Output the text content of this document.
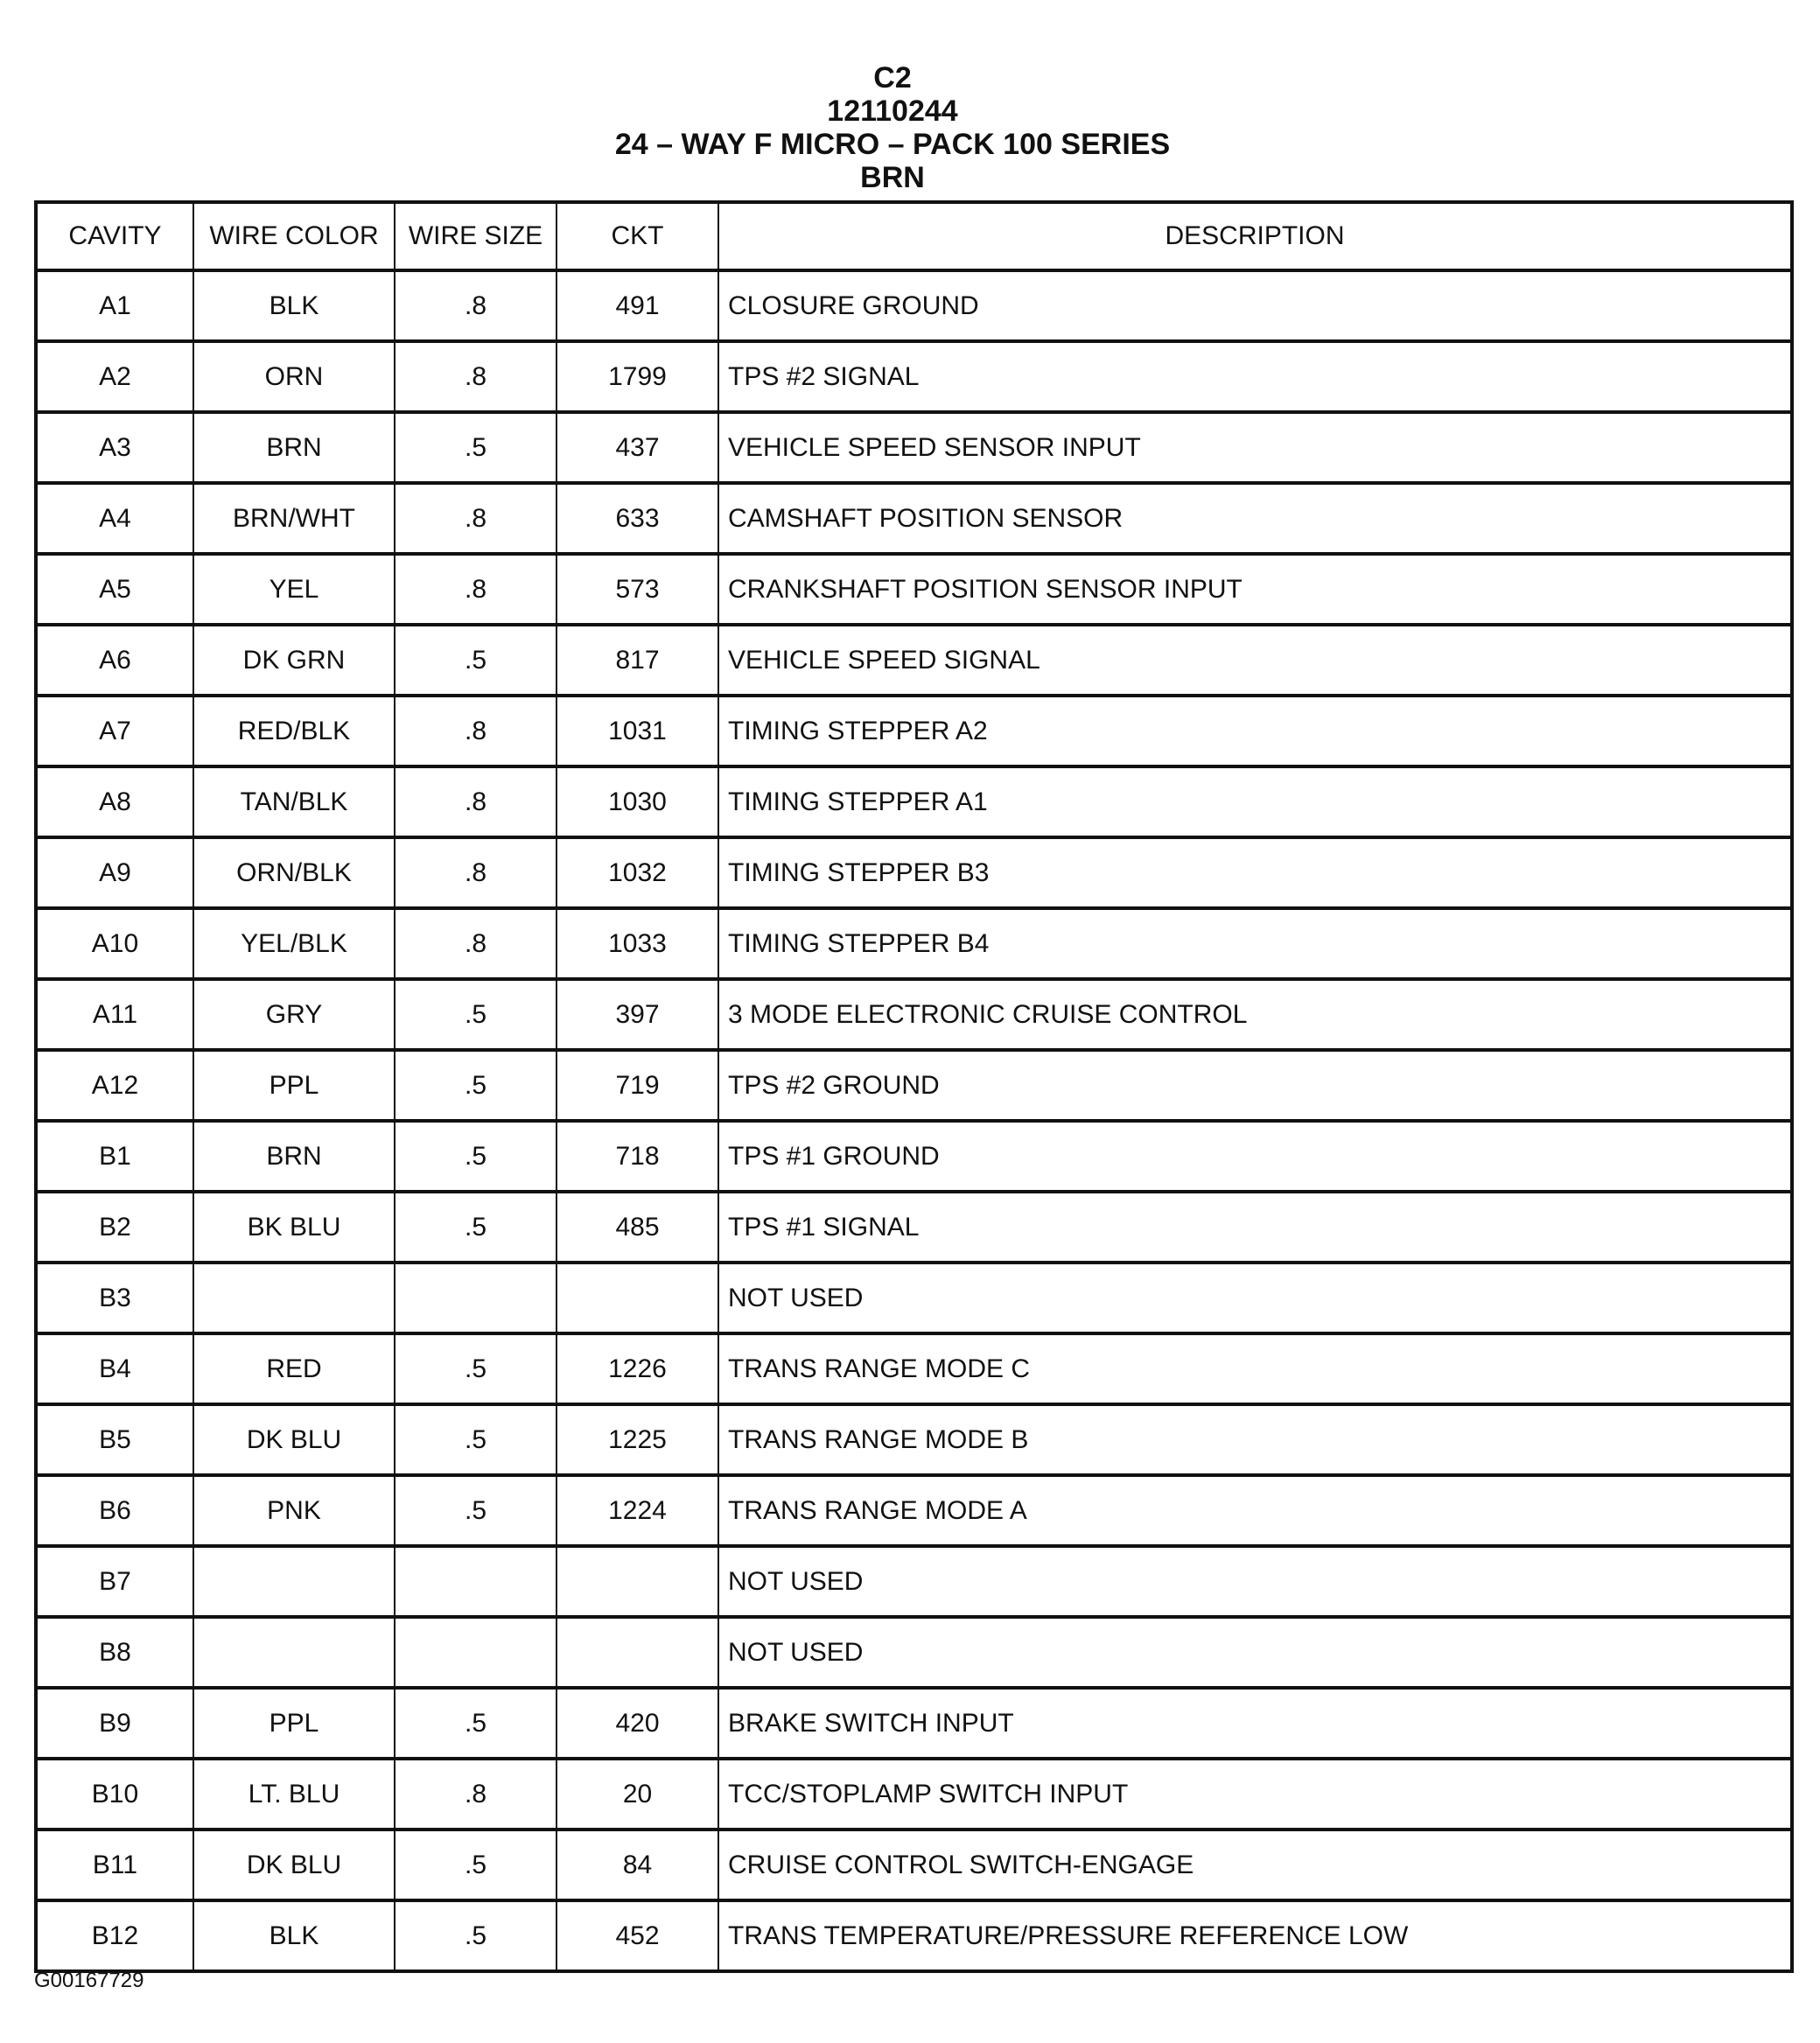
C2
12110244
24 – WAY F MICRO – PACK 100 SERIES
BRN
CAVITY	WIRE COLOR	WIRE SIZE	CKT	DESCRIPTION
A1	BLK	.8	491	CLOSURE GROUND
A2	ORN	.8	1799	TPS #2 SIGNAL
A3	BRN	.5	437	VEHICLE SPEED SENSOR INPUT
A4	BRN/WHT	.8	633	CAMSHAFT POSITION SENSOR
A5	YEL	.8	573	CRANKSHAFT POSITION SENSOR INPUT
A6	DK GRN	.5	817	VEHICLE SPEED SIGNAL
A7	RED/BLK	.8	1031	TIMING STEPPER A2
A8	TAN/BLK	.8	1030	TIMING STEPPER A1
A9	ORN/BLK	.8	1032	TIMING STEPPER B3
A10	YEL/BLK	.8	1033	TIMING STEPPER B4
A11	GRY	.5	397	3 MODE ELECTRONIC CRUISE CONTROL
A12	PPL	.5	719	TPS #2 GROUND
B1	BRN	.5	718	TPS #1 GROUND
B2	BK BLU	.5	485	TPS #1 SIGNAL
B3				NOT USED
B4	RED	.5	1226	TRANS RANGE MODE C
B5	DK BLU	.5	1225	TRANS RANGE MODE B
B6	PNK	.5	1224	TRANS RANGE MODE A
B7				NOT USED
B8				NOT USED
B9	PPL	.5	420	BRAKE SWITCH INPUT
B10	LT. BLU	.8	20	TCC/STOPLAMP SWITCH INPUT
B11	DK BLU	.5	84	CRUISE CONTROL SWITCH-ENGAGE
B12	BLK	.5	452	TRANS TEMPERATURE/PRESSURE REFERENCE LOW
G00167729
